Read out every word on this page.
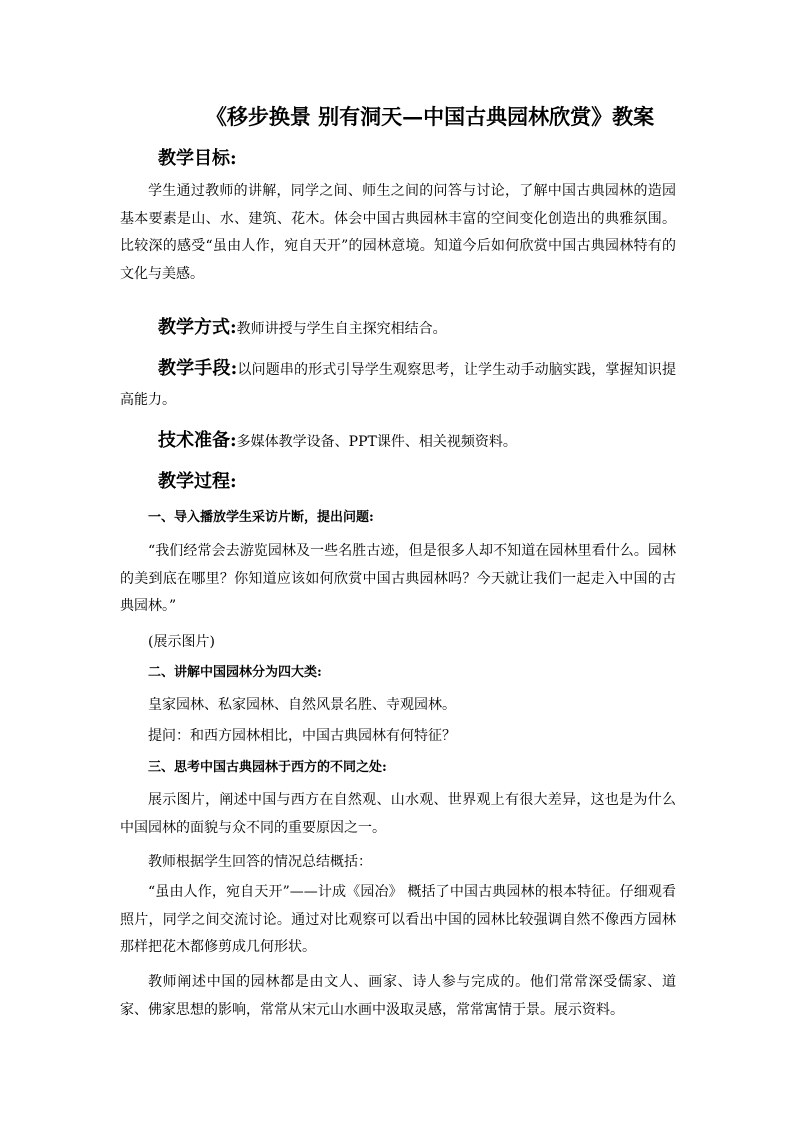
《移步换景 别有洞天—中国古典园林欣赏》教案
教学目标:
学生通过教师的讲解，同学之间、师生之间的问答与讨论，了解中国古典园林的造园基本要素是山、水、建筑、花木。体会中国古典园林丰富的空间变化创造出的典雅氛围。比较深的感受“虽由人作，宛自天开”的园林意境。知道今后如何欣赏中国古典园林特有的文化与美感。
教学方式:教师讲授与学生自主探究相结合。
教学手段:以问题串的形式引导学生观察思考，让学生动手动脑实践，掌握知识提高能力。
技术准备:多媒体教学设备、PPT课件、相关视频资料。
教学过程:
一、导入播放学生采访片断，提出问题:
“我们经常会去游览园林及一些名胜古迹，但是很多人却不知道在园林里看什么。园林的美到底在哪里？你知道应该如何欣赏中国古典园林吗？今天就让我们一起走入中国的古典园林。”
(展示图片)
二、讲解中国园林分为四大类:
皇家园林、私家园林、自然风景名胜、寺观园林。
提问：和西方园林相比，中国古典园林有何特征？
三、思考中国古典园林于西方的不同之处:
展示图片，阐述中国与西方在自然观、山水观、世界观上有很大差异，这也是为什么中国园林的面貌与众不同的重要原因之一。
教师根据学生回答的情况总结概括：
“虽由人作，宛自天开”——计成《园冶》 概括了中国古典园林的根本特征。仔细观看照片，同学之间交流讨论。通过对比观察可以看出中国的园林比较强调自然不像西方园林那样把花木都修剪成几何形状。
教师阐述中国的园林都是由文人、画家、诗人参与完成的。他们常常深受儒家、道家、佛家思想的影响，常常从宋元山水画中汲取灵感，常常寓情于景。展示资料。
